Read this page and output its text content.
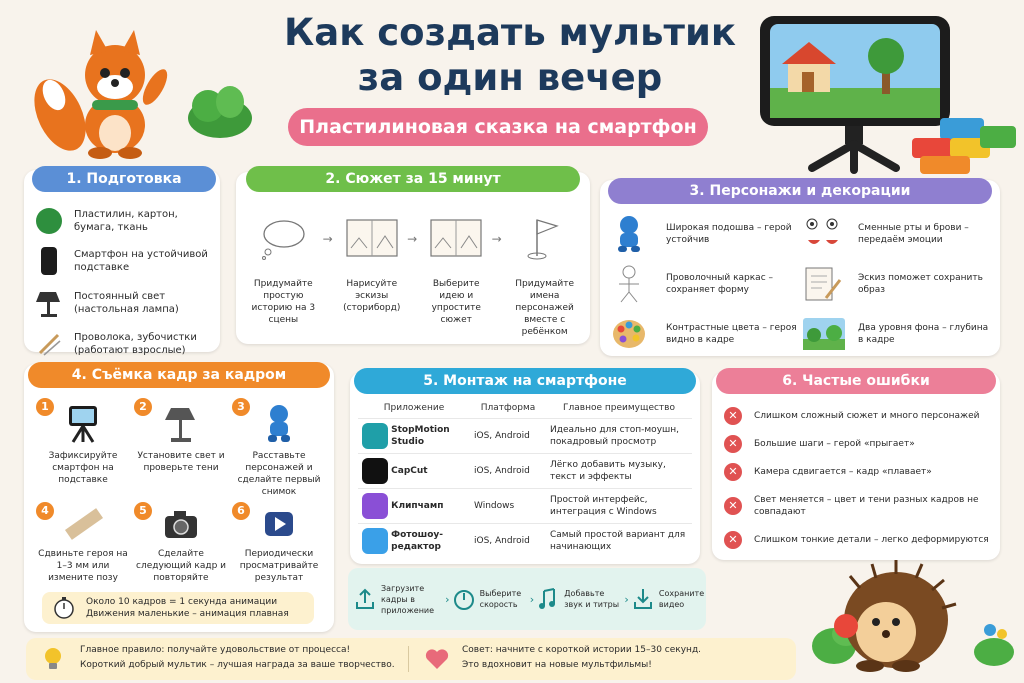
Как создать мультик
за один вечер
Пластилиновая сказка на смартфон
1. Подготовка
Пластилин, картон, бумага, ткань
Смартфон на устойчивой подставке
Постоянный свет (настольная лампа)
Проволока, зубочистки (работают взрослые)
2. Сюжет за 15 минут
Придумайте простую историю на 3 сцены
→
Нарисуйте эскизы (сториборд)
→
Выберите идею и упростите сюжет
→
Придумайте имена персонажей вместе с ребёнком
3. Персонажи и декорации
Широкая подошва – герой устойчив
Сменные рты и брови – передаём эмоции
Проволочный каркас – сохраняет форму
Эскиз поможет сохранить образ
Контрастные цвета – героя видно в кадре
Два уровня фона – глубина в кадре
4. Съёмка кадр за кадром
1
Зафиксируйте смартфон на подставке
2
Установите свет и проверьте тени
3
Расставьте персонажей и сделайте первый снимок
4
Сдвиньте героя на 1–3 мм или измените позу
5
Сделайте следующий кадр и повторяйте
6
Периодически просматривайте результат
Около 10 кадров = 1 секунда анимации
Движения маленькие – анимация плавная
5. Монтаж на смартфоне
Приложение	Платформа	Главное преимущество
StopMotion Studio	iOS, Android	Идеально для стоп-моушн, покадровый просмотр
CapCut	iOS, Android	Лёгко добавить музыку, текст и эффекты
Клипчамп	Windows	Простой интерфейс, интеграция с Windows
Фотошоу-редактор	iOS, Android	Самый простой вариант для начинающих
Загрузите кадры в приложение
›	Выберите скорость	›	Добавьте звук и титры ›	Сохраните видео
6. Частые ошибки
✕	Слишком сложный сюжет и много персонажей
✕	Большие шаги – герой «прыгает»
✕	Камера сдвигается – кадр «плавает»
✕	Свет меняется – цвет и тени разных кадров не совпадают
✕	Слишком тонкие детали – легко деформируются
Главное правило: получайте удовольствие от процесса!
Короткий добрый мультик – лучшая награда за ваше творчество.
Совет: начните с короткой истории 15–30 секунд.
Это вдохновит на новые мультфильмы!
